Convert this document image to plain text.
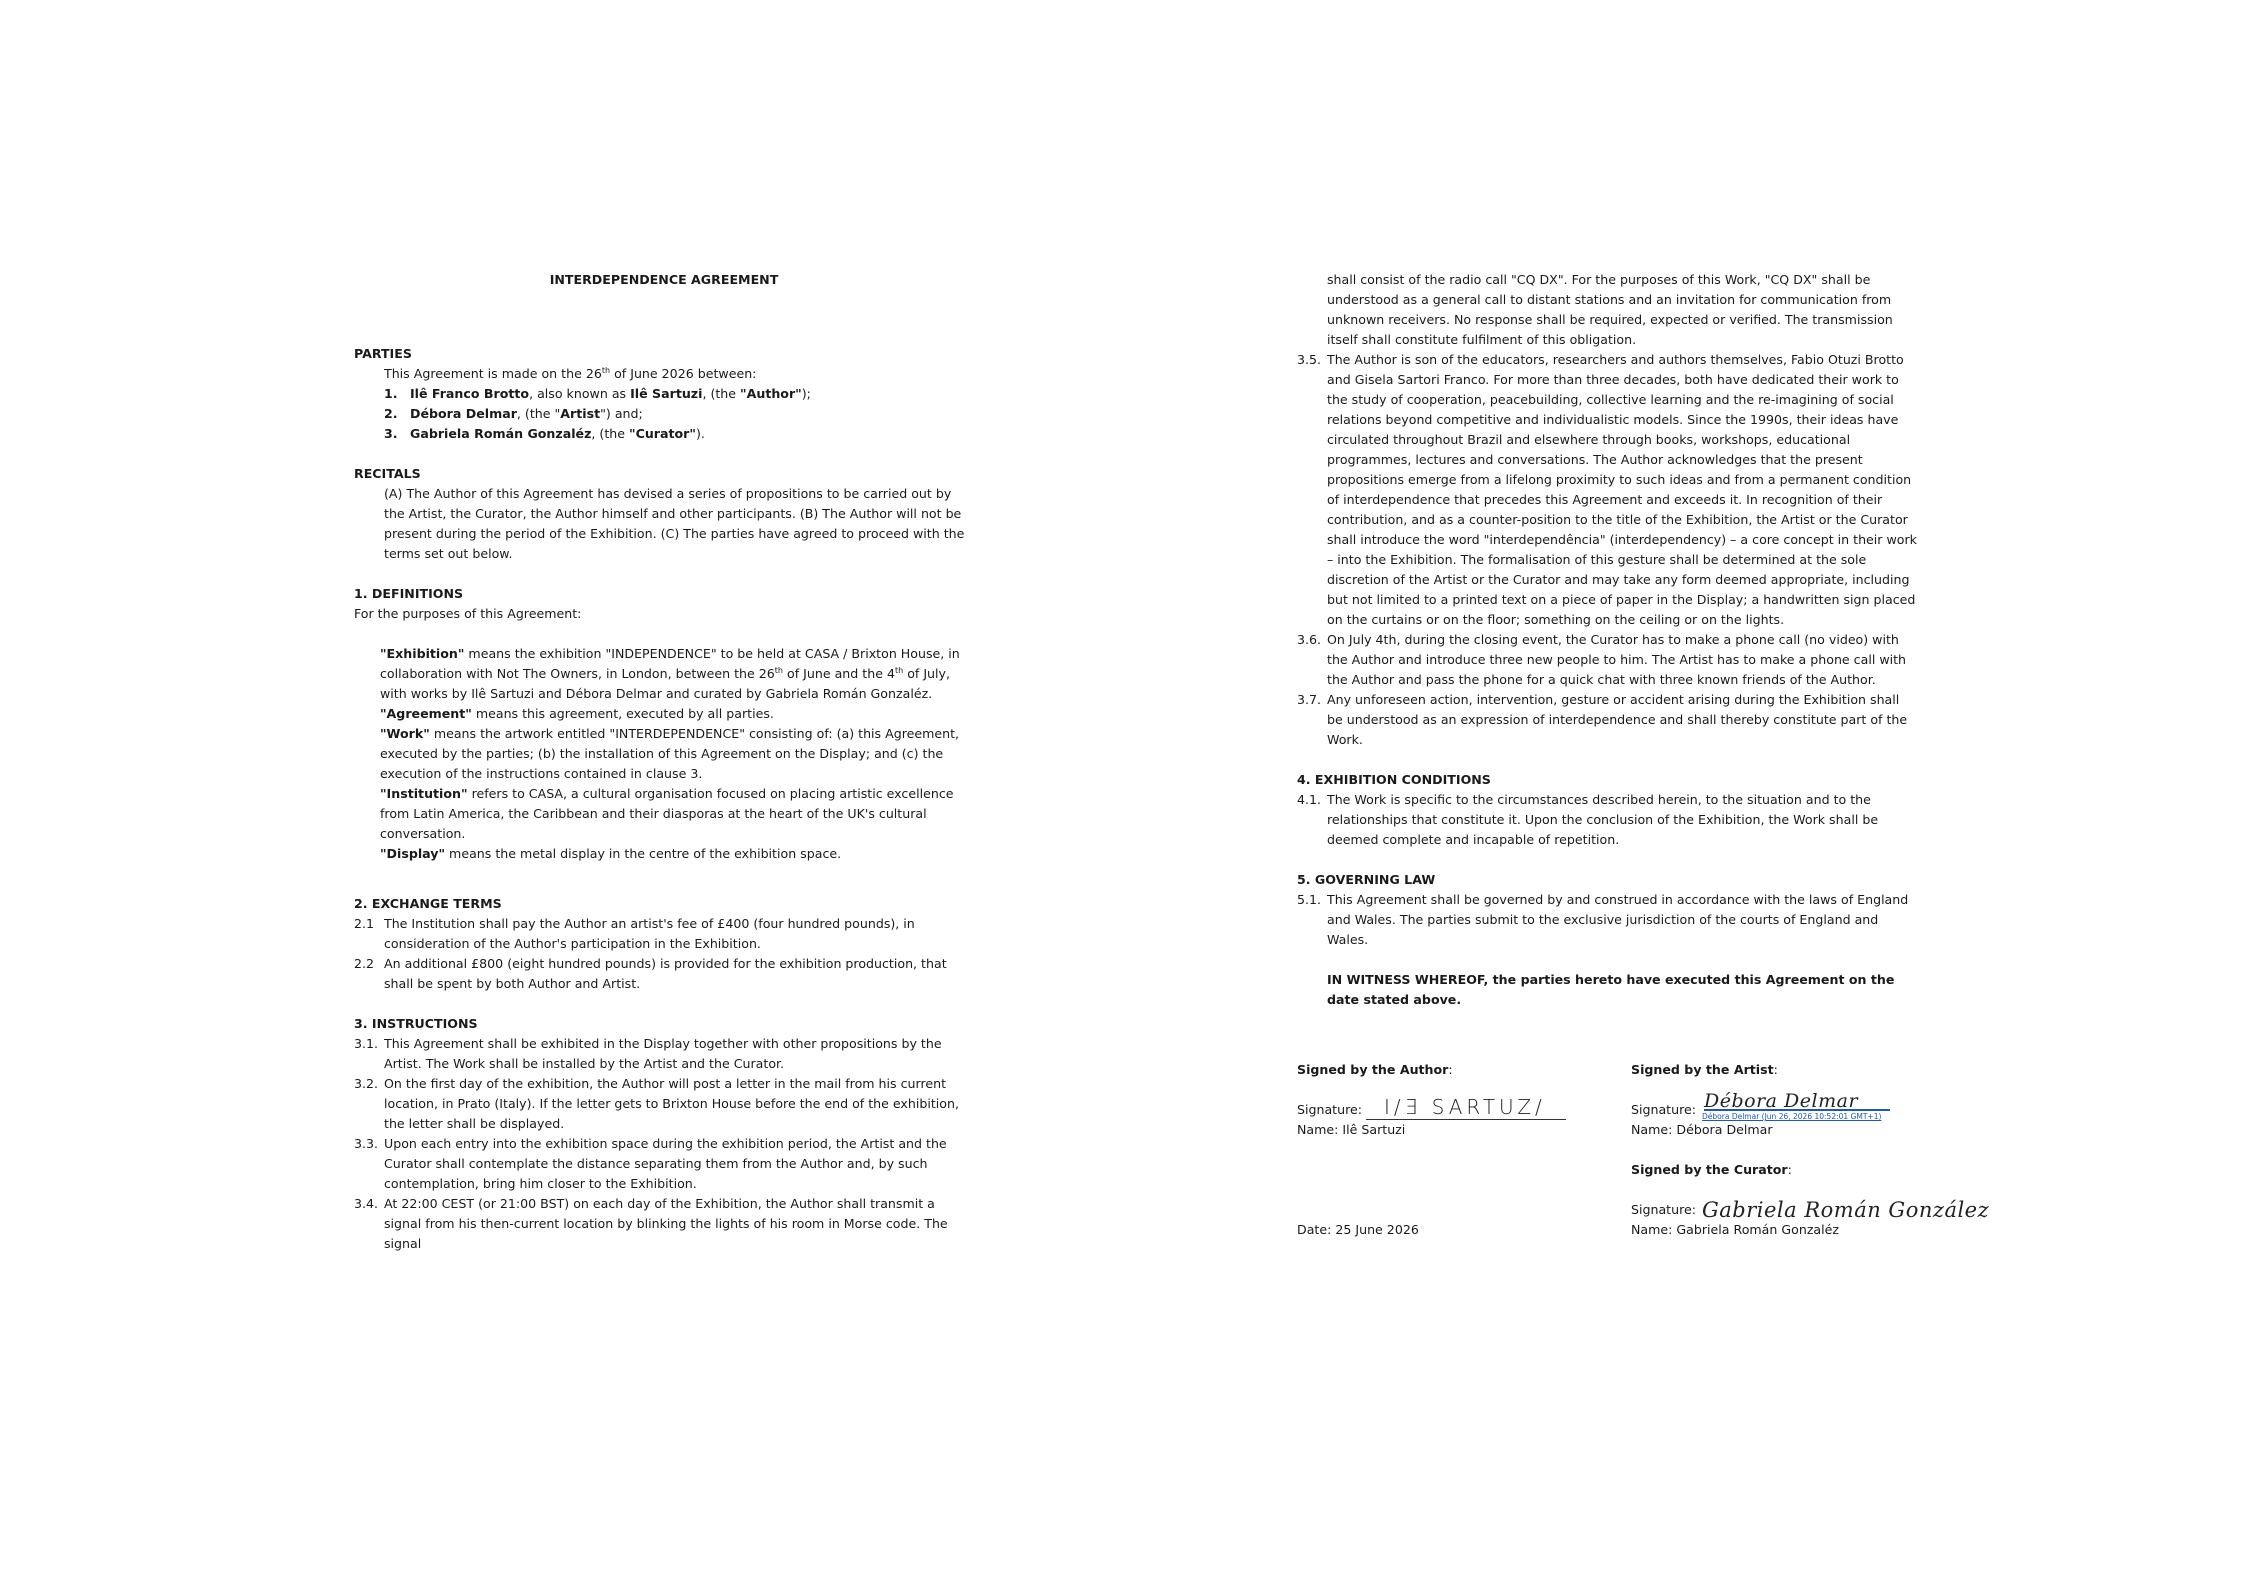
INTERDEPENDENCE AGREEMENT
PARTIES

This Agreement is made on the 26th of June 2026 between:

1. Ilê Franco Brotto, also known as Ilê Sartuzi, (the "Author");
2. Débora Delmar, (the "Artist") and;
3. Gabriela Román Gonzaléz, (the "Curator").
RECITALS

(A) The Author of this Agreement has devised a series of propositions to be carried out by the Artist, the Curator, the Author himself and other participants. (B) The Author will not be present during the period of the Exhibition. (C) The parties have agreed to proceed with the terms set out below.

1. DEFINITIONS

For the purposes of this Agreement:

"Exhibition" means the exhibition "INDEPENDENCE" to be held at CASA / Brixton House, in collaboration with Not The Owners, in London, between the 26th of June and the 4th of July, with works by Ilê Sartuzi and Débora Delmar and curated by Gabriela Román Gonzaléz.

"Agreement" means this agreement, executed by all parties.

"Work" means the artwork entitled "INTERDEPENDENCE" consisting of: (a) this Agreement, executed by the parties; (b) the installation of this Agreement on the Display; and (c) the execution of the instructions contained in clause 3.

"Institution" refers to CASA, a cultural organisation focused on placing artistic excellence from Latin America, the Caribbean and their diasporas at the heart of the UK's cultural conversation.

"Display" means the metal display in the centre of the exhibition space.

2. EXCHANGE TERMS
2.1 The Institution shall pay the Author an artist's fee of £400 (four hundred pounds), in consideration of the Author's participation in the Exhibition.
2.2 An additional £800 (eight hundred pounds) is provided for the exhibition production, that shall be spent by both Author and Artist.
3. INSTRUCTIONS
3.1. This Agreement shall be exhibited in the Display together with other propositions by the Artist. The Work shall be installed by the Artist and the Curator.
3.2. On the first day of the exhibition, the Author will post a letter in the mail from his current location, in Prato (Italy). If the letter gets to Brixton House before the end of the exhibition, the letter shall be displayed.
3.3. Upon each entry into the exhibition space during the exhibition period, the Artist and the Curator shall contemplate the distance separating them from the Author and, by such contemplation, bring him closer to the Exhibition.
3.4. At 22:00 CEST (or 21:00 BST) on each day of the Exhibition, the Author shall transmit a signal from his then-current location by blinking the lights of his room in Morse code. The signal

shall consist of the radio call "CQ DX". For the purposes of this Work, "CQ DX" shall be understood as a general call to distant stations and an invitation for communication from unknown receivers. No response shall be required, expected or verified. The transmission itself shall constitute fulfilment of this obligation.

3.5. The Author is son of the educators, researchers and authors themselves, Fabio Otuzi Brotto and Gisela Sartori Franco. For more than three decades, both have dedicated their work to the study of cooperation, peacebuilding, collective learning and the re-imagining of social relations beyond competitive and individualistic models. Since the 1990s, their ideas have circulated throughout Brazil and elsewhere through books, workshops, educational programmes, lectures and conversations. The Author acknowledges that the present propositions emerge from a lifelong proximity to such ideas and from a permanent condition of interdependence that precedes this Agreement and exceeds it. In recognition of their contribution, and as a counter-position to the title of the Exhibition, the Artist or the Curator shall introduce the word "interdependência" (interdependency) – a core concept in their work – into the Exhibition. The formalisation of this gesture shall be determined at the sole discretion of the Artist or the Curator and may take any form deemed appropriate, including but not limited to a printed text on a piece of paper in the Display; a handwritten sign placed on the curtains or on the floor; something on the ceiling or on the lights.
3.6. On July 4th, during the closing event, the Curator has to make a phone call (no video) with the Author and introduce three new people to him. The Artist has to make a phone call with the Author and pass the phone for a quick chat with three known friends of the Author.
3.7. Any unforeseen action, intervention, gesture or accident arising during the Exhibition shall be understood as an expression of interdependence and shall thereby constitute part of the Work.
4. EXHIBITION CONDITIONS
4.1. The Work is specific to the circumstances described herein, to the situation and to the relationships that constitute it. Upon the conclusion of the Exhibition, the Work shall be deemed complete and incapable of repetition.
5. GOVERNING LAW
5.1. This Agreement shall be governed by and construed in accordance with the laws of England and Wales. The parties submit to the exclusive jurisdiction of the courts of England and Wales.

IN WITNESS WHEREOF, the parties hereto have executed this Agreement on the date stated above.

Signed by the Author:
Signature: I/Ǝ SARTUZ/
Name: Ilê Sartuzi
Signed by the Artist:
Signature: Débora Delmar
Débora Delmar (Jun 26, 2026 10:52:01 GMT+1)
Name: Débora Delmar
Signed by the Curator:
Signature: Gabriela Román González
Name: Gabriela Román Gonzaléz
Date: 25 June 2026
